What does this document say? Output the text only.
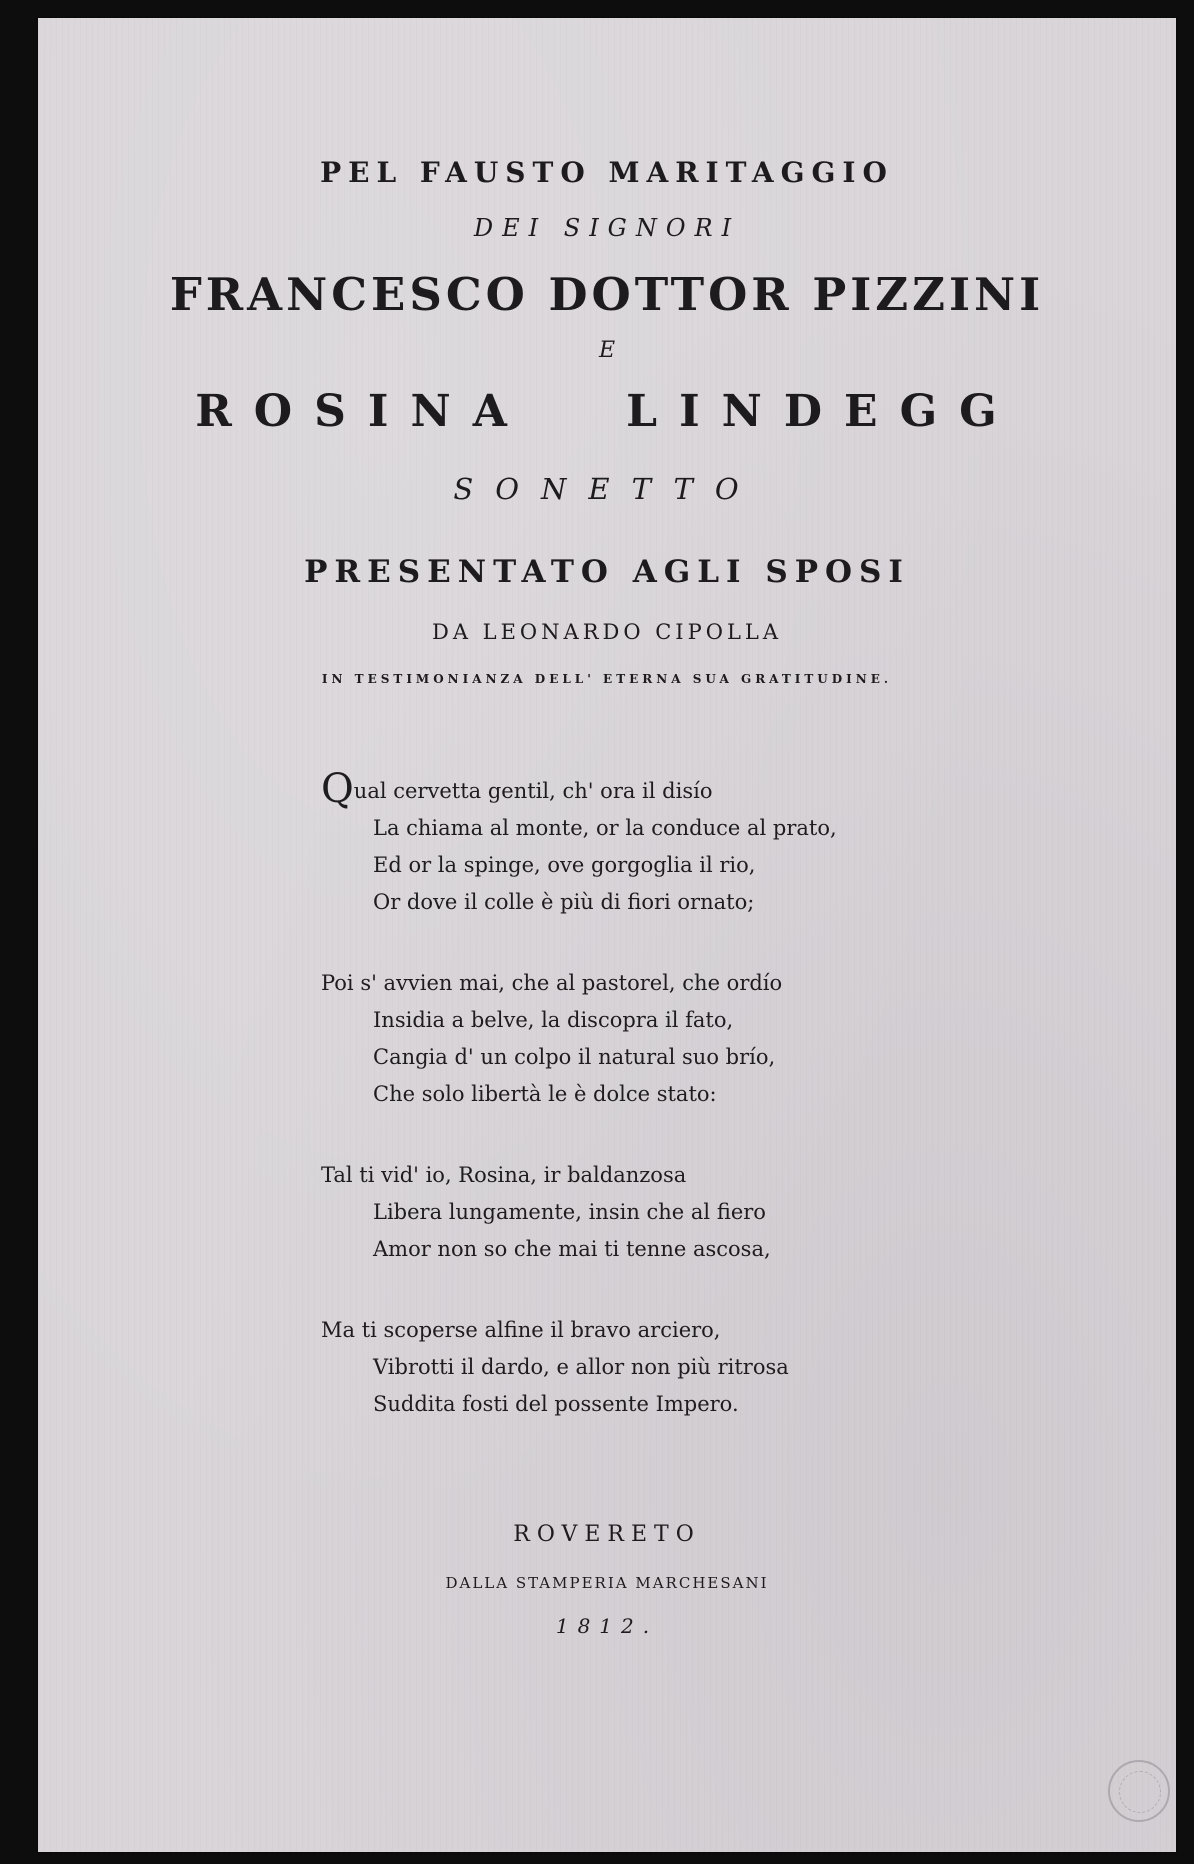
PEL FAUSTO MARITAGGIO
DEI SIGNORI
FRANCESCO DOTTOR PIZZINI
E
ROSINA LINDEGG
SONETTO
PRESENTATO AGLI SPOSI
DA LEONARDO CIPOLLA
IN TESTIMONIANZA DELL' ETERNA SUA GRATITUDINE.
Qual cervetta gentil, ch' ora il disío
La chiama al monte, or la conduce al prato,
Ed or la spinge, ove gorgoglia il rio,
Or dove il colle è più di fiori ornato;
Poi s' avvien mai, che al pastorel, che ordío
Insidia a belve, la discopra il fato,
Cangia d' un colpo il natural suo brío,
Che solo libertà le è dolce stato:
Tal ti vid' io, Rosina, ir baldanzosa
Libera lungamente, insin che al fiero
Amor non so che mai ti tenne ascosa,
Ma ti scoperse alfine il bravo arciero,
Vibrotti il dardo, e allor non più ritrosa
Suddita fosti del possente Impero.
ROVERETO
DALLA STAMPERIA MARCHESANI
1812.
